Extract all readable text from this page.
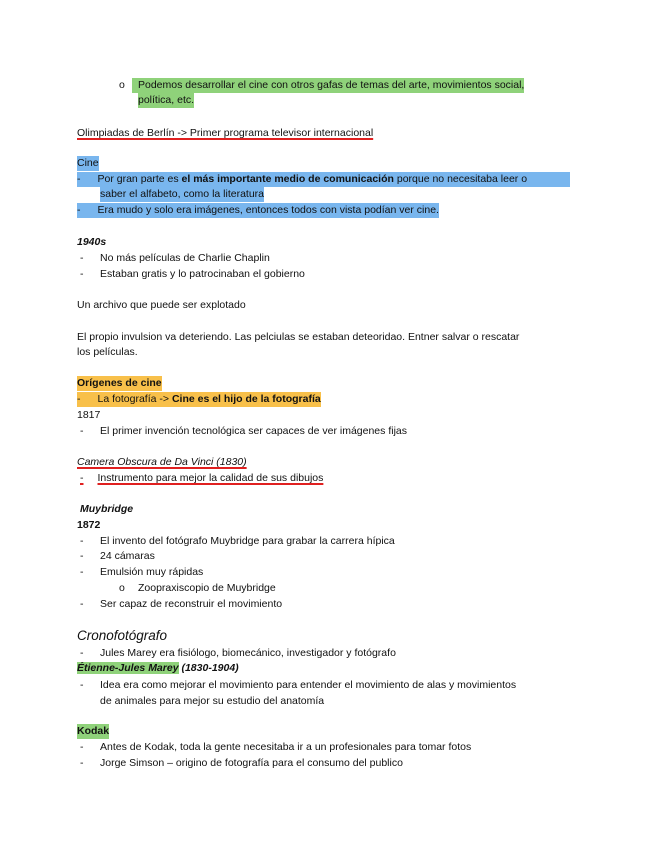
o	Podemos desarrollar el cine con otros gafas de temas del arte, movimientos social,
política, etc.
Olimpiadas de Berlín -> Primer programa televisor internacional
Cine
- Por gran parte es el más importante medio de comunicación porque no necesitaba leer o
saber el alfabeto, como la literatura
- Era mudo y solo era imágenes, entonces todos con vista podían ver cine.
1940s
- No más películas de Charlie Chaplin
- Estaban gratis y lo patrocinaban el gobierno
Un archivo que puede ser explotado
El propio invulsion va deteriendo. Las pelciulas se estaban deteoridao. Entner salvar o rescatar
los películas.
Orígenes de cine
- La fotografía -> Cine es el hijo de la fotografía
1817
- El primer invención tecnológica ser capaces de ver imágenes fijas
Camera Obscura de Da Vinci (1830)
- Instrumento para mejor la calidad de sus dibujos
Muybridge
1872
- El invento del fotógrafo Muybridge para grabar la carrera hípica
- 24 cámaras
- Emulsión muy rápidas
o Zoopraxiscopio de Muybridge
- Ser capaz de reconstruir el movimiento
Cronofotógrafo
- Jules Marey era fisiólogo, biomecánico, investigador y fotógrafo
Étienne-Jules Marey (1830-1904)
- Idea era como mejorar el movimiento para entender el movimiento de alas y movimientos
de animales para mejor su estudio del anatomía
Kodak
- Antes de Kodak, toda la gente necesitaba ir a un profesionales para tomar fotos
- Jorge Simson – origino de fotografía para el consumo del publico
